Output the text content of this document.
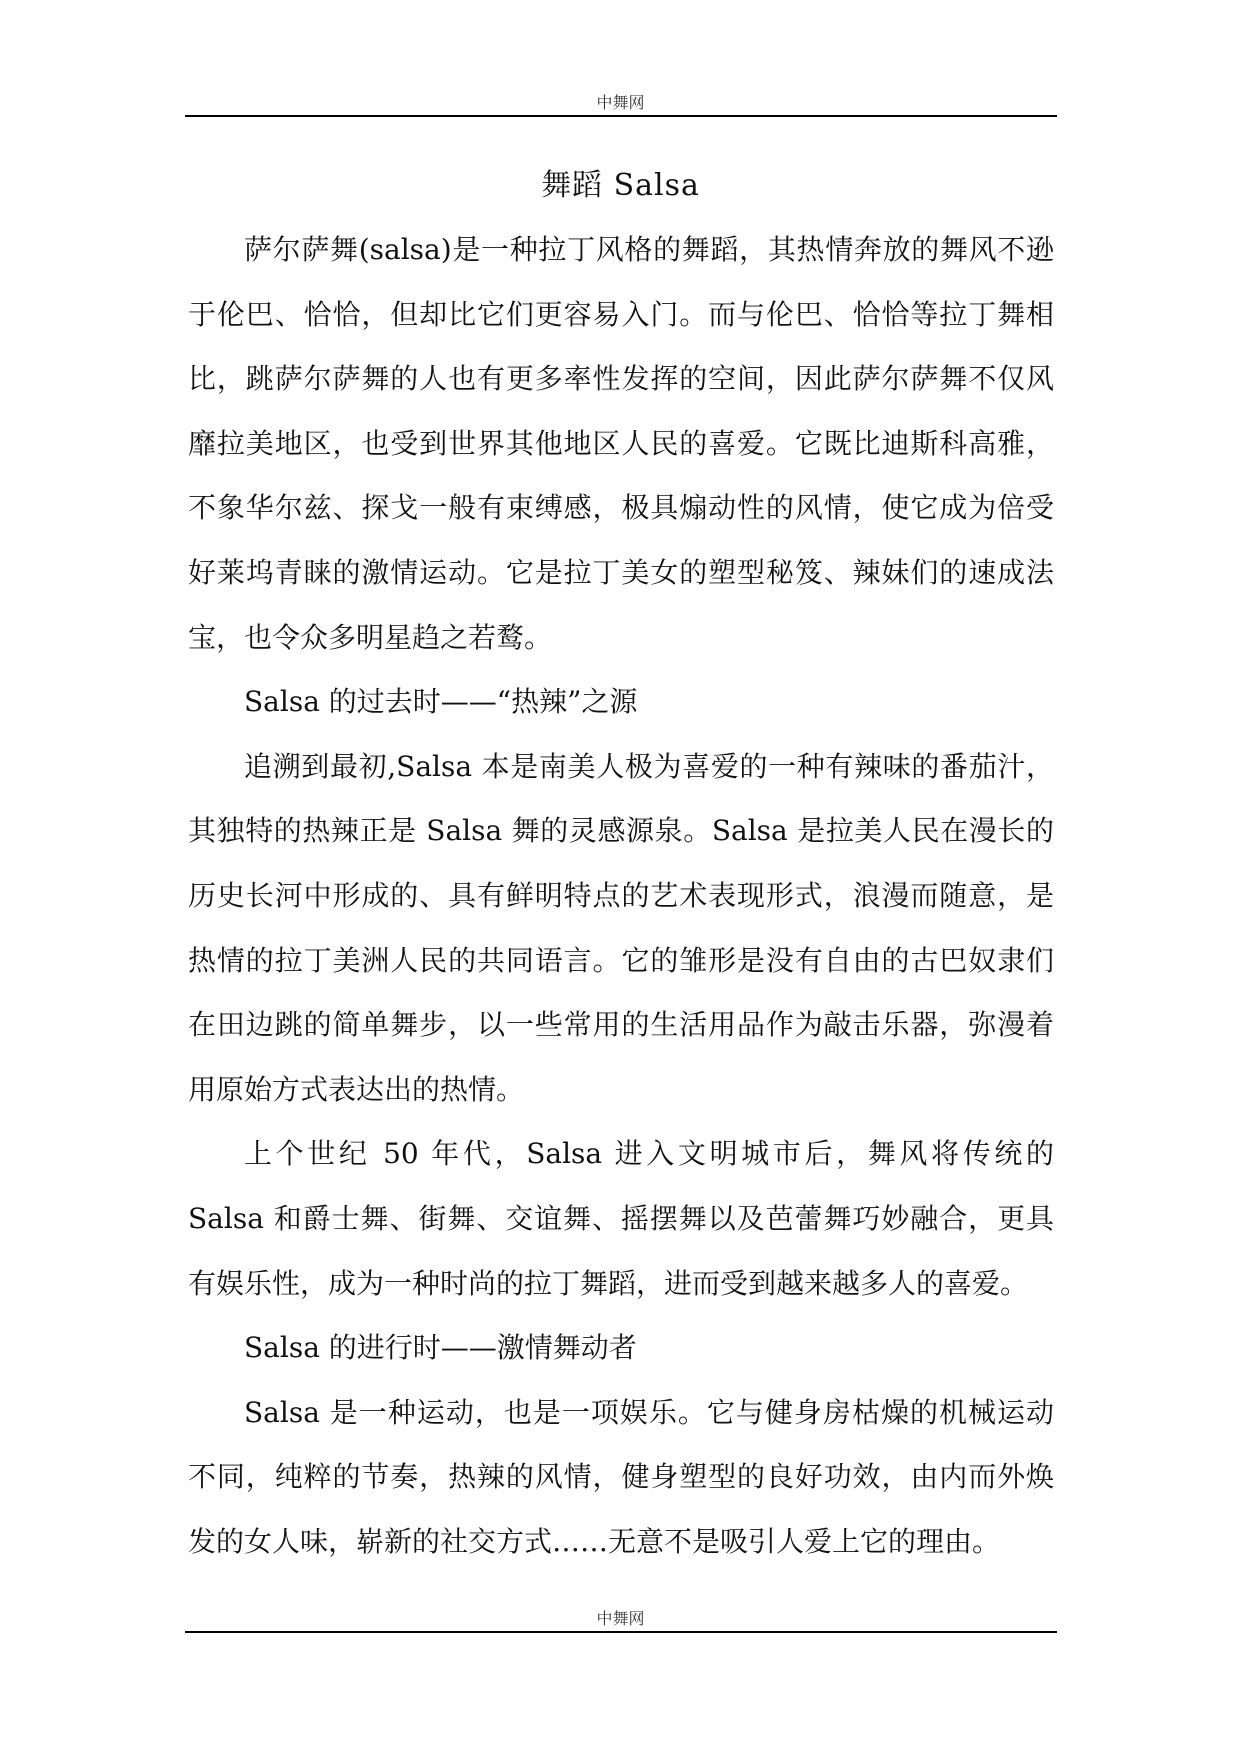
中舞网
舞蹈 Salsa

萨尔萨舞(salsa)是一种拉丁风格的舞蹈，其热情奔放的舞风不逊于伦巴、恰恰，但却比它们更容易入门。而与伦巴、恰恰等拉丁舞相比，跳萨尔萨舞的人也有更多率性发挥的空间，因此萨尔萨舞不仅风靡拉美地区，也受到世界其他地区人民的喜爱。它既比迪斯科高雅，不象华尔兹、探戈一般有束缚感，极具煽动性的风情，使它成为倍受好莱坞青睐的激情运动。它是拉丁美女的塑型秘笈、辣妹们的速成法宝，也令众多明星趋之若鹜。

Salsa 的过去时——“热辣”之源

追溯到最初,Salsa 本是南美人极为喜爱的一种有辣味的番茄汁，其独特的热辣正是 Salsa 舞的灵感源泉。Salsa 是拉美人民在漫长的历史长河中形成的、具有鲜明特点的艺术表现形式，浪漫而随意，是热情的拉丁美洲人民的共同语言。它的雏形是没有自由的古巴奴隶们在田边跳的简单舞步，以一些常用的生活用品作为敲击乐器，弥漫着用原始方式表达出的热情。

上个世纪 50 年代，Salsa 进入文明城市后，舞风将传统的 Salsa 和爵士舞、街舞、交谊舞、摇摆舞以及芭蕾舞巧妙融合，更具有娱乐性，成为一种时尚的拉丁舞蹈，进而受到越来越多人的喜爱。

Salsa 的进行时——激情舞动者

Salsa 是一种运动，也是一项娱乐。它与健身房枯燥的机械运动不同，纯粹的节奏，热辣的风情，健身塑型的良好功效，由内而外焕发的女人味，崭新的社交方式……无意不是吸引人爱上它的理由。

中舞网
